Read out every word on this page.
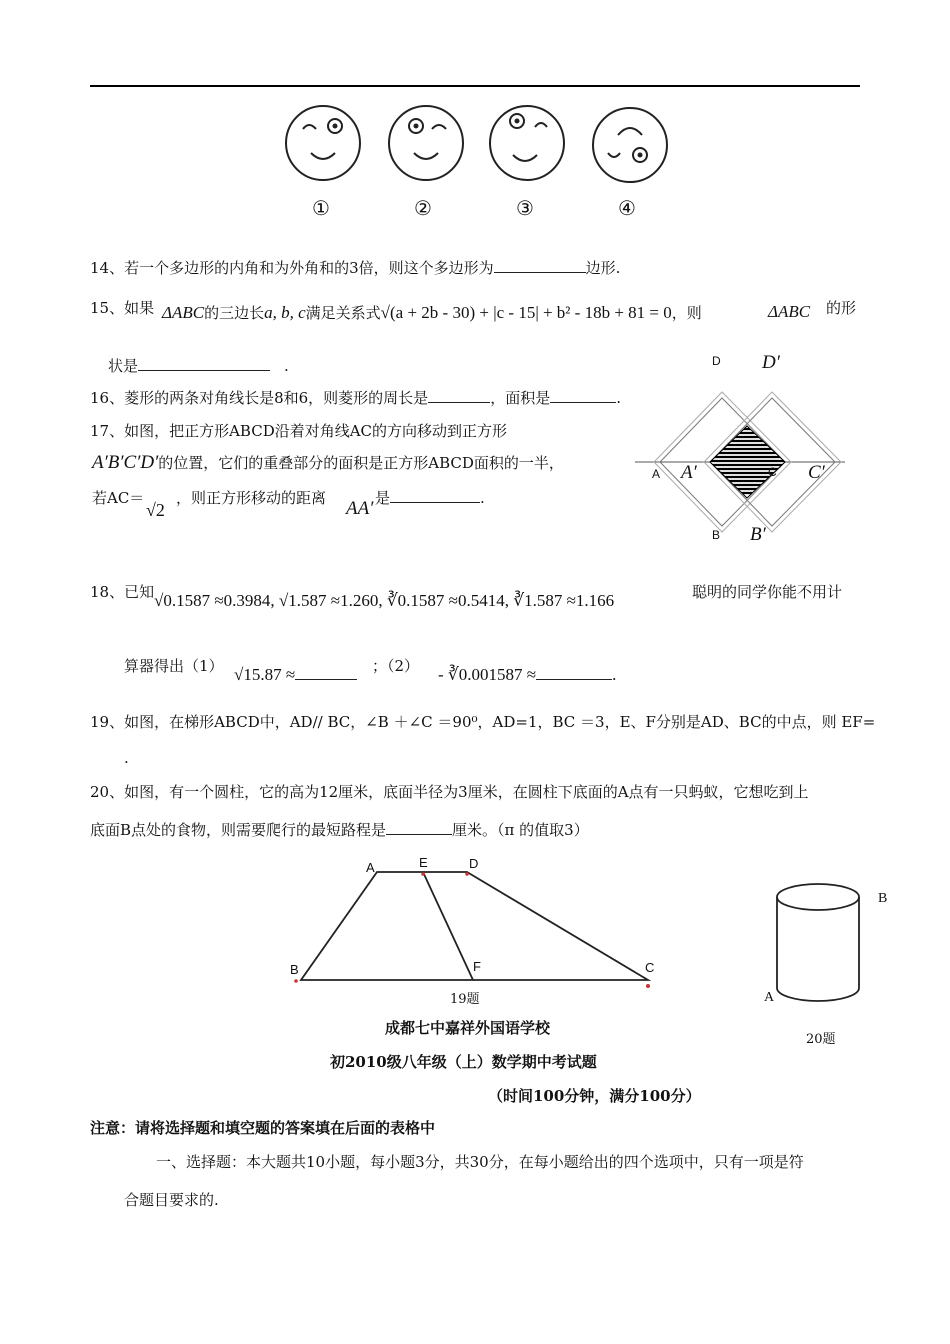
①	②	③	④
14、若一个多边形的内角和为外角和的3倍，则这个多边形为	边形.
15、如果 ΔABC的三边长a, b, c满足关系式√(a + 2b - 30) + |c - 15| + b² - 18b + 81 = 0，则	ΔABC 的形
状是	.
16、菱形的两条对角线长是8和6，则菱形的周长是	，面积是	.
17、如图，把正方形ABCD沿着对角线AC的方向移动到正方形
A′B′C′D′的位置，它们的重叠部分的面积是正方形ABCD面积的一半，
若AC＝
√2
，则正方形移动的距离 AA′ 是	.
D D′
A A′	C C′
B B′
18、已知 √0.1587 ≈0.3984, √1.587 ≈1.260, ∛0.1587 ≈0.5414, ∛1.587 ≈1.166	聪明的同学你能不用计
算器得出（1） √15.87 ≈	；（2） - ∛0.001587 ≈	.
19、如图，在梯形ABCD中，AD// BC，∠B ＋∠C ＝90⁰，AD=1，BC ＝3，E、F分别是AD、BC的中点，则 EF=
.
20、如图，有一个圆柱，它的高为12厘米，底面半径为3厘米，在圆柱下底面的A点有一只蚂蚁，它想吃到上
底面B点处的食物，则需要爬行的最短路程是	厘米。（π 的值取3）
A	E	D
B	F	C
19题
B
A
20题
成都七中嘉祥外国语学校
初2010级八年级（上）数学期中考试题
（时间100分钟，满分100分）
注意：请将选择题和填空题的答案填在后面的表格中
一、选择题：本大题共10小题，每小题3分，共30分，在每小题给出的四个选项中，只有一项是符
合题目要求的.
